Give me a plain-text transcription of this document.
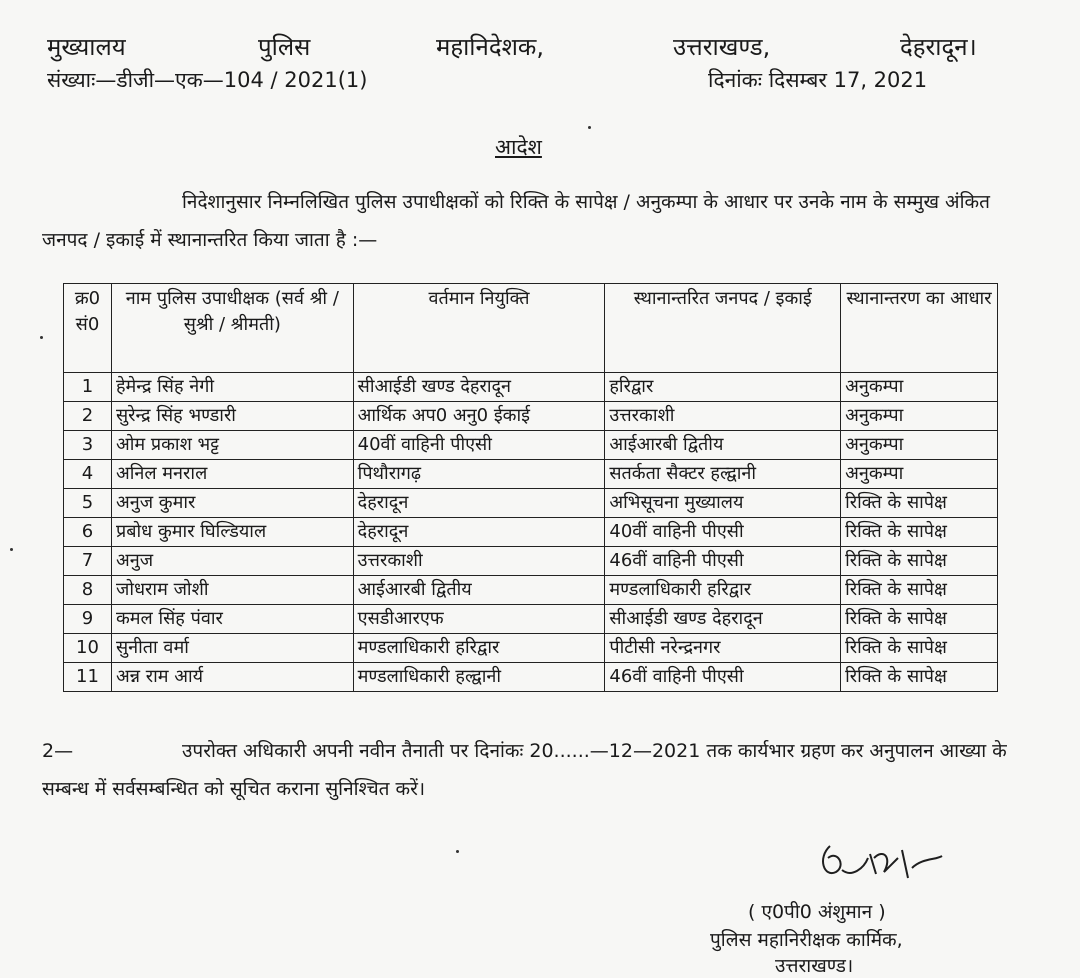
मुख्यालय	पुलिस	महानिदेशक,	उत्तराखण्ड,	देहरादून।
संख्याः—डीजी—एक—104 / 2021(1)	दिनांकः दिसम्बर 17, 2021
आदेश
निदेशानुसार निम्नलिखित पुलिस उपाधीक्षकों को रिक्ति के सापेक्ष / अनुकम्पा के आधार पर उनके नाम के सम्मुख अंकित जनपद / इकाई में स्थानान्तरित किया जाता है :—
क्र0 सं0	नाम पुलिस उपाधीक्षक (सर्व श्री / सुश्री / श्रीमती)	वर्तमान नियुक्ति	स्थानान्तरित जनपद / इकाई	स्थानान्तरण का आधार
1	हेमेन्द्र सिंह नेगी	सीआईडी खण्ड देहरादून	हरिद्वार	अनुकम्पा
2	सुरेन्द्र सिंह भण्डारी	आर्थिक अप0 अनु0 ईकाई	उत्तरकाशी	अनुकम्पा
3	ओम प्रकाश भट्ट	40वीं वाहिनी पीएसी	आईआरबी द्वितीय	अनुकम्पा
4	अनिल मनराल	पिथौरागढ़	सतर्कता सैक्टर हल्द्वानी	अनुकम्पा
5	अनुज कुमार	देहरादून	अभिसूचना मुख्यालय	रिक्ति के सापेक्ष
6	प्रबोध कुमार घिल्डियाल	देहरादून	40वीं वाहिनी पीएसी	रिक्ति के सापेक्ष
7	अनुज	उत्तरकाशी	46वीं वाहिनी पीएसी	रिक्ति के सापेक्ष
8	जोधराम जोशी	आईआरबी द्वितीय	मण्डलाधिकारी हरिद्वार	रिक्ति के सापेक्ष
9	कमल सिंह पंवार	एसडीआरएफ	सीआईडी खण्ड देहरादून	रिक्ति के सापेक्ष
10	सुनीता वर्मा	मण्डलाधिकारी हरिद्वार	पीटीसी नरेन्द्रनगर	रिक्ति के सापेक्ष
11	अन्न राम आर्य	मण्डलाधिकारी हल्द्वानी	46वीं वाहिनी पीएसी	रिक्ति के सापेक्ष
2—	उपरोक्त अधिकारी अपनी नवीन तैनाती पर दिनांकः 20......—12—2021 तक कार्यभार ग्रहण कर अनुपालन आख्या के सम्बन्ध में सर्वसम्बन्धित को सूचित कराना सुनिश्चित करें।
( ए0पी0 अंशुमान )
पुलिस महानिरीक्षक कार्मिक,
उत्तराखण्ड।
